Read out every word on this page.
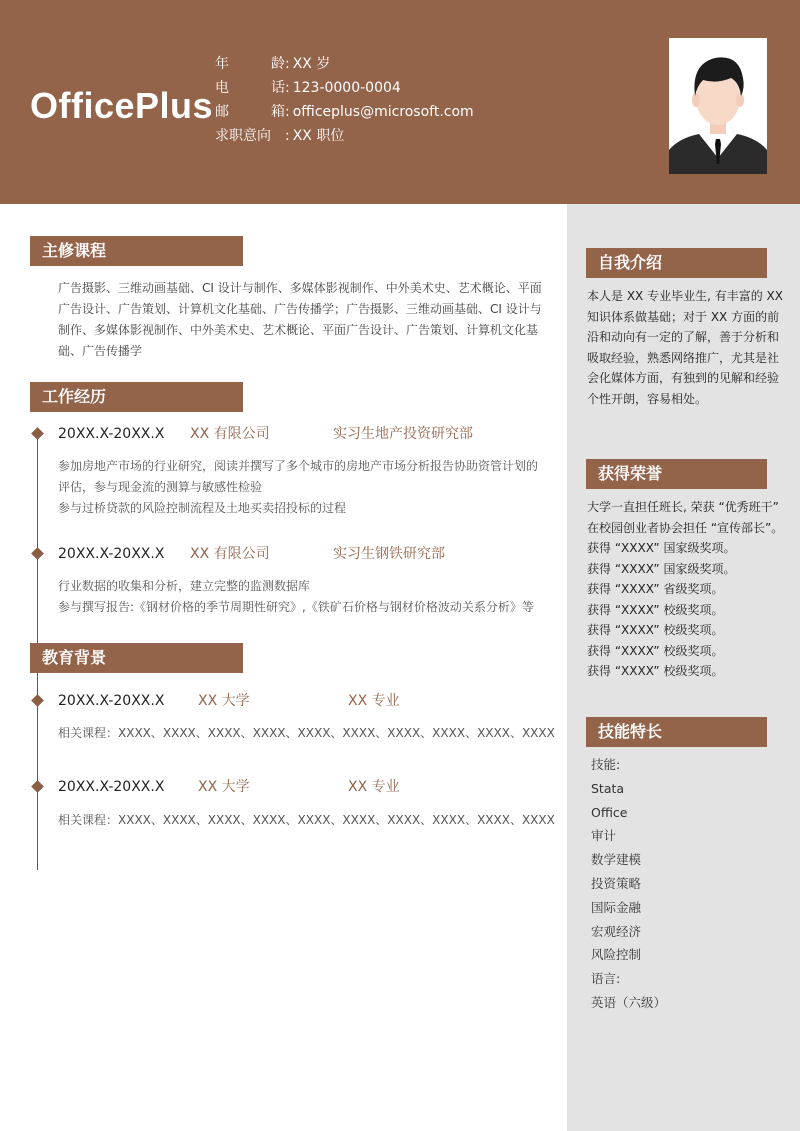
OfficePlus
年	龄 : XX 岁
电	话 : 123-0000-0004
邮	箱 : officeplus@microsoft.com
求职意向 : XX 职位
主修课程
广告摄影、三维动画基础、CI 设计与制作、多媒体影视制作、中外美术史、艺术概论、平面广告设计、广告策划、计算机文化基础、广告传播学；广告摄影、三维动画基础、CI 设计与制作、多媒体影视制作、中外美术史、艺术概论、平面广告设计、广告策划、计算机文化基础、广告传播学
工作经历
20XX.X-20XX.X XX 有限公司	实习生地产投资研究部
参加房地产市场的行业研究，阅读并撰写了多个城市的房地产市场分析报告协助资管计划的
评估，参与现金流的测算与敏感性检验
参与过桥贷款的风险控制流程及土地买卖招投标的过程
20XX.X-20XX.X XX 有限公司	实习生钢铁研究部
行业数据的收集和分析，建立完整的监测数据库
参与撰写报告:《钢材价格的季节周期性研究》,《铁矿石价格与钢材价格波动关系分析》等
教育背景
20XX.X-20XX.X XX 大学	XX 专业
相关课程：XXXX、XXXX、XXXX、XXXX、XXXX、XXXX、XXXX、XXXX、XXXX、XXXX
20XX.X-20XX.X XX 大学	XX 专业
相关课程：XXXX、XXXX、XXXX、XXXX、XXXX、XXXX、XXXX、XXXX、XXXX、XXXX
自我介绍
本人是 XX 专业毕业生, 有丰富的 XX
知识体系做基础；对于 XX 方面的前
沿和动向有一定的了解，善于分析和
吸取经验，熟悉网络推广，尤其是社
会化媒体方面，有独到的见解和经验
个性开朗，容易相处。
获得荣誉
大学一直担任班长, 荣获 “优秀班干”
在校园创业者协会担任 “宣传部长”。
获得 “XXXX” 国家级奖项。
获得 “XXXX” 国家级奖项。
获得 “XXXX” 省级奖项。
获得 “XXXX” 校级奖项。
获得 “XXXX” 校级奖项。
获得 “XXXX” 校级奖项。
获得 “XXXX” 校级奖项。
技能特长
技能:
Stata
Office
审计
数学建模
投资策略
国际金融
宏观经济
风险控制
语言:
英语（六级）
